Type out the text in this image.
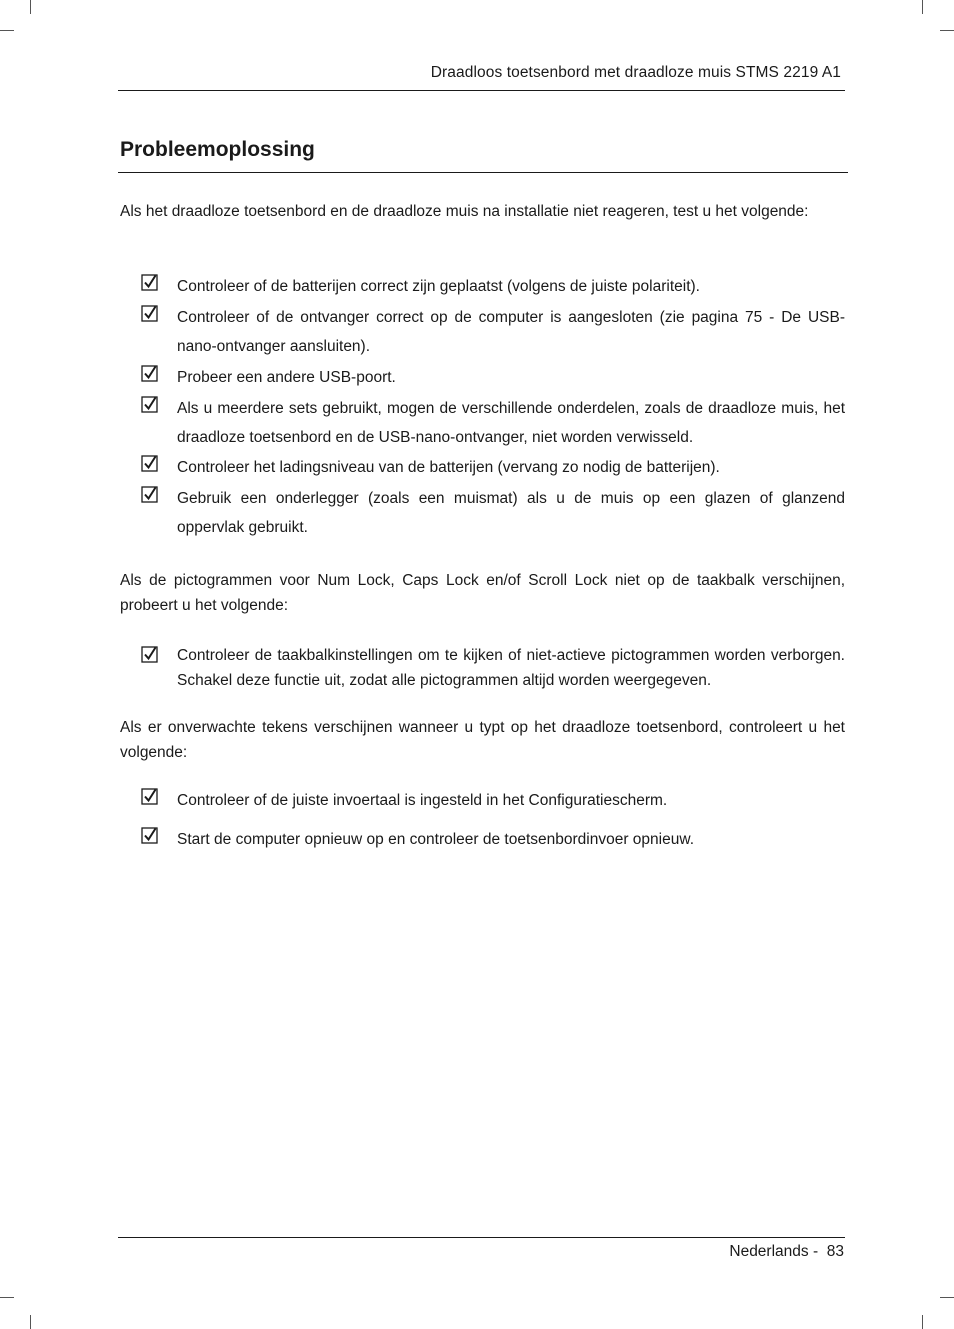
Draadloos toetsenbord met draadloze muis STMS 2219 A1
Probleemoplossing

Als het draadloze toetsenbord en de draadloze muis na installatie niet reageren, test u het volgende:

Controleer of de batterijen correct zijn geplaatst (volgens de juiste polariteit).

Controleer of de ontvanger correct op de computer is aangesloten (zie pagina 75 - De USB-nano-ontvanger aansluiten).

Probeer een andere USB-poort.

Als u meerdere sets gebruikt, mogen de verschillende onderdelen, zoals de draadloze muis, het draadloze toetsenbord en de USB-nano-ontvanger, niet worden verwisseld.

Controleer het ladingsniveau van de batterijen (vervang zo nodig de batterijen).

Gebruik een onderlegger (zoals een muismat) als u de muis op een glazen of glanzend oppervlak gebruikt.

Als de pictogrammen voor Num Lock, Caps Lock en/of Scroll Lock niet op de taakbalk verschijnen, probeert u het volgende:

Controleer de taakbalkinstellingen om te kijken of niet-actieve pictogrammen worden verborgen. Schakel deze functie uit, zodat alle pictogrammen altijd worden weergegeven.

Als er onverwachte tekens verschijnen wanneer u typt op het draadloze toetsenbord, controleert u het volgende:

Controleer of de juiste invoertaal is ingesteld in het Configuratiescherm.

Start de computer opnieuw op en controleer de toetsenbordinvoer opnieuw.

Nederlands - 83
